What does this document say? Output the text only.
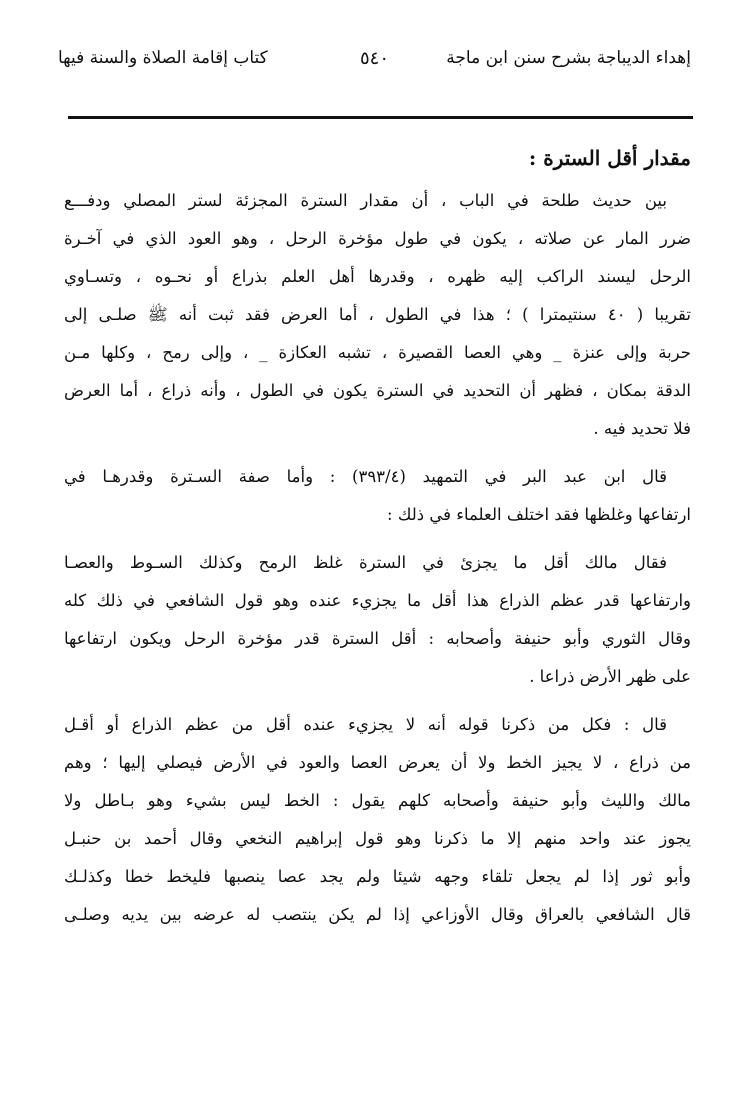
إهداء الديباجة بشرح سنن ابن ماجة
٥٤٠
كتاب إقامة الصلاة والسنة فيها
مقدار أقل السترة :
بين حديث طلحة في الباب ، أن مقدار السترة المجزئة لستر المصلي ودفـــع
ضرر المار عن صلاته ، يكون في طول مؤخرة الرحل ، وهو العود الذي في آخـرة
الرحل ليسند الراكب إليه ظهره ، وقدرها أهل العلم بذراع أو نحـوه ، وتسـاوي
تقريبا ( ٤٠ سنتيمترا ) ؛ هذا في الطول ، أما العرض فقد ثبت أنه ﷺ صلـى إلى
حربة وإلى عنزة _ وهي العصا القصيرة ، تشبه العكازة _ ، وإلى رمح ، وكلها مـن
الدقة بمكان ، فظهر أن التحديد في السترة يكون في الطول ، وأنه ذراع ، أما العرض
فلا تحديد فيه .
قال ابن عبد البر في التمهيد (٣٩٣/٤) : وأما صفة السـترة وقدرهـا في
ارتفاعها وغلظها فقد اختلف العلماء في ذلك :
فقال مالك أقل ما يجزئ في السترة غلظ الرمح وكذلك السـوط والعصـا
وارتفاعها قدر عظم الذراع هذا أقل ما يجزيء عنده وهو قول الشافعي في ذلك كله
وقال الثوري وأبو حنيفة وأصحابه : أقل السترة قدر مؤخرة الرحل ويكون ارتفاعها
على ظهر الأرض ذراعا .
قال : فكل من ذكرنا قوله أنه لا يجزيء عنده أقل من عظم الذراع أو أقـل
من ذراع ، لا يجيز الخط ولا أن يعرض العصا والعود في الأرض فيصلي إليها ؛ وهم
مالك والليث وأبو حنيفة وأصحابه كلهم يقول : الخط ليس بشيء وهو بـاطل ولا
يجوز عند واحد منهم إلا ما ذكرنا وهو قول إبراهيم النخعي وقال أحمد بن حنبـل
وأبو ثور إذا لم يجعل تلقاء وجهه شيئا ولم يجد عصا ينصبها فليخط خطا وكذلـك
قال الشافعي بالعراق وقال الأوزاعي إذا لم يكن ينتصب له عرضه بين يديه وصلـى
